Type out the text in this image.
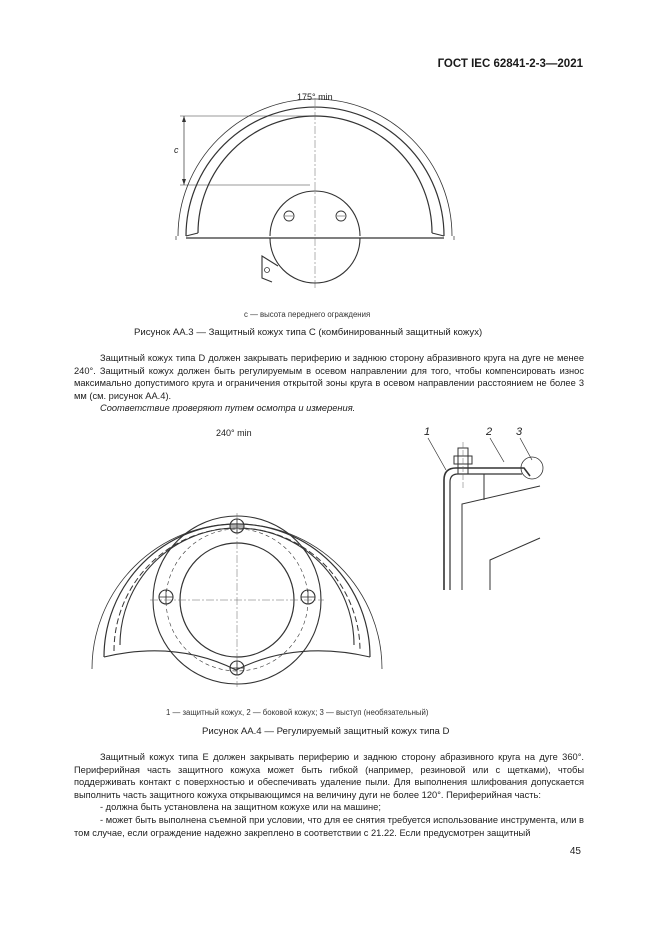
ГОСТ IEC 62841-2-3—2021
c
175° min
c — высота переднего ограждения
Рисунок АА.3 — Защитный кожух типа С (комбинированный защитный кожух)

Защитный кожух типа D должен закрывать периферию и заднюю сторону абразивного круга на дуге не менее 240°. Защитный кожух должен быть регулируемым в осевом направлении для того, чтобы компенсировать износ максимально допустимого круга и ограничения открытой зоны круга в осевом направлении расстоянием не более 3 мм (см. рисунок АА.4).

Соответствие проверяют путем осмотра и измерения.

240° min	1	2 3
1 — защитный кожух, 2 — боковой кожух; 3 — выступ (необязательный)
Рисунок АА.4 — Регулируемый защитный кожух типа D

Защитный кожух типа Е должен закрывать периферию и заднюю сторону абразивного круга на дуге 360°. Периферийная часть защитного кожуха может быть гибкой (например, резиновой или с щетками), чтобы поддерживать контакт с поверхностью и обеспечивать удаление пыли. Для выполнения шлифования допускается выполнить часть защитного кожуха открывающимся на величину дуги не более 120°. Периферийная часть:

- должна быть установлена на защитном кожухе или на машине;

- может быть выполнена съемной при условии, что для ее снятия требуется использование инструмента, или в том случае, если ограждение надежно закреплено в соответствии с 21.22. Если предусмотрен защитный

45
